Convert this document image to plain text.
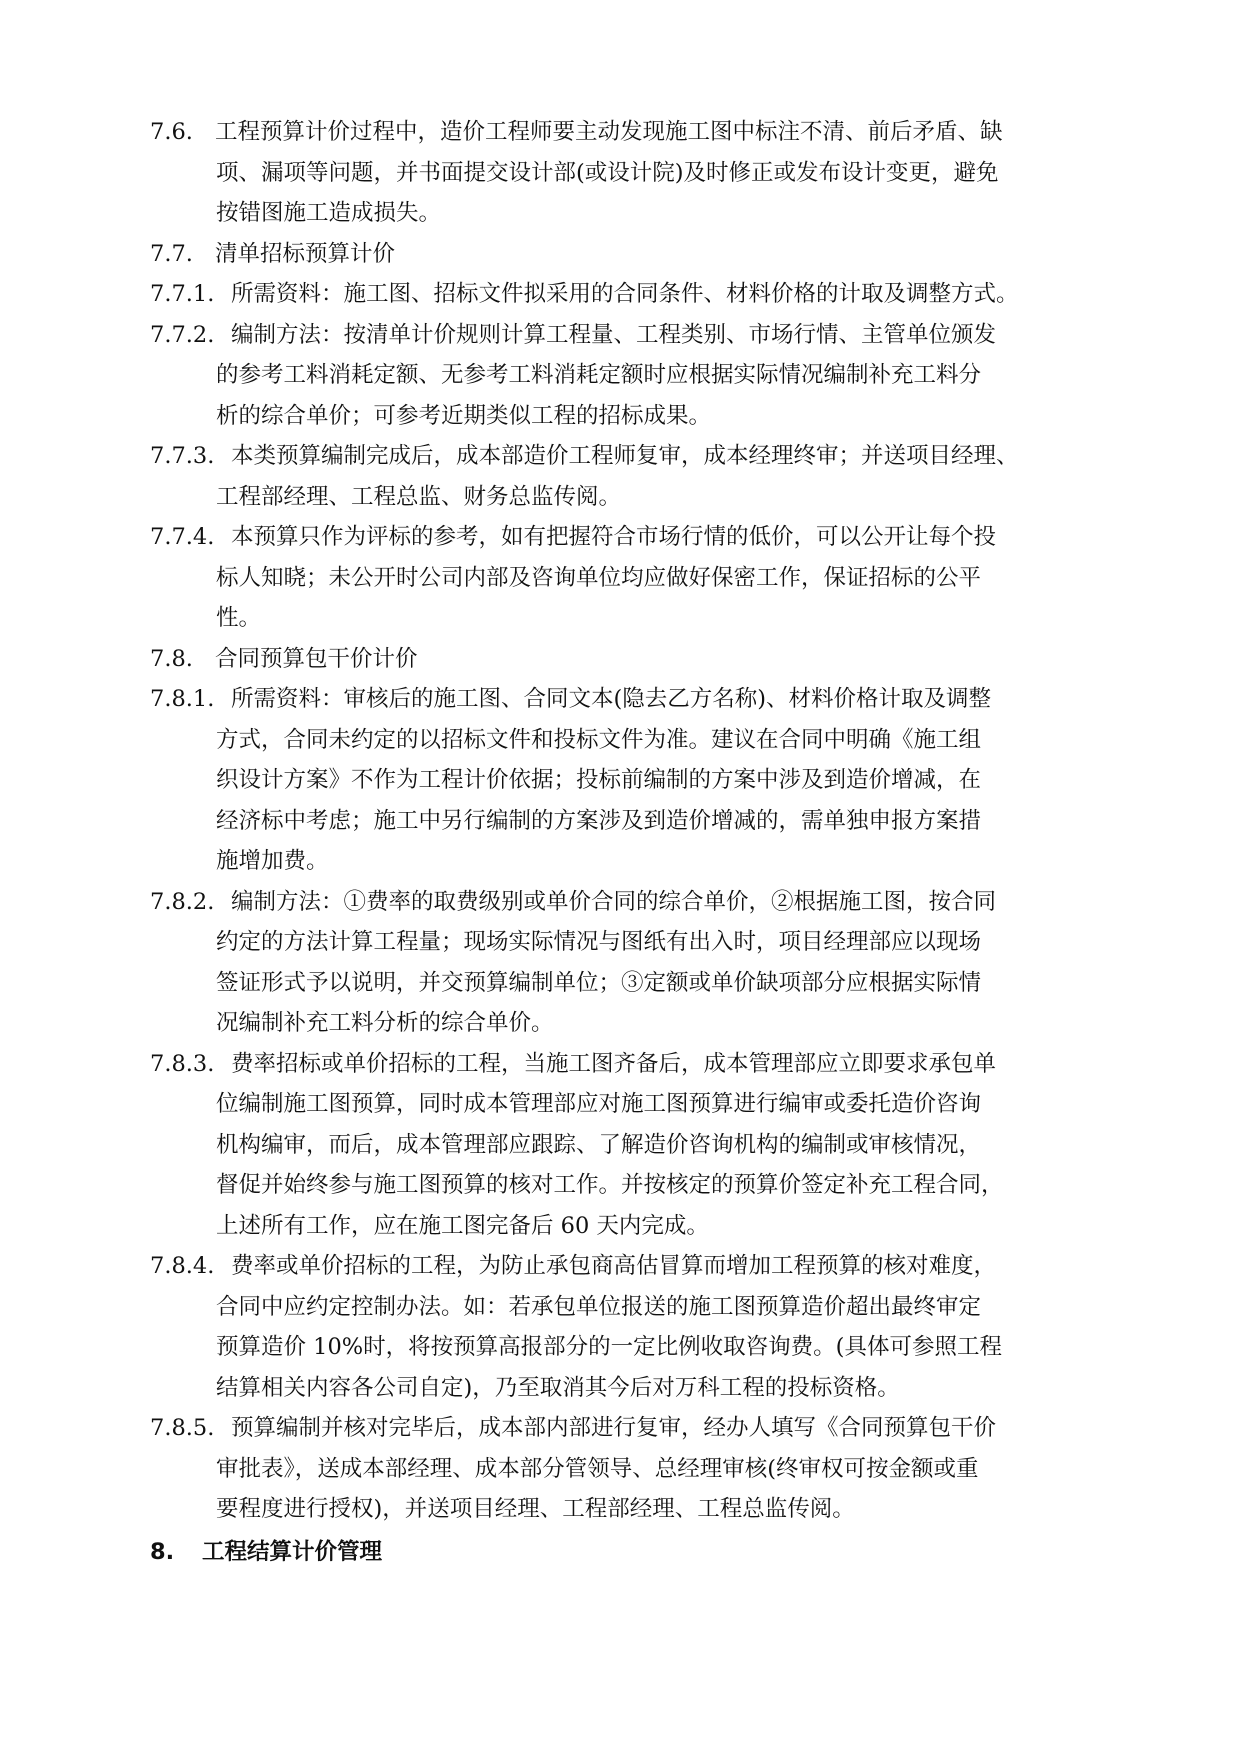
7.6. 工程预算计价过程中，造价工程师要主动发现施工图中标注不清、前后矛盾、缺
项、漏项等问题，并书面提交设计部(或设计院)及时修正或发布设计变更，避免
按错图施工造成损失。
7.7. 清单招标预算计价
7.7.1. 所需资料：施工图、招标文件拟采用的合同条件、材料价格的计取及调整方式。
7.7.2. 编制方法：按清单计价规则计算工程量、工程类别、市场行情、主管单位颁发
的参考工料消耗定额、无参考工料消耗定额时应根据实际情况编制补充工料分
析的综合单价；可参考近期类似工程的招标成果。
7.7.3. 本类预算编制完成后，成本部造价工程师复审，成本经理终审；并送项目经理、
工程部经理、工程总监、财务总监传阅。
7.7.4. 本预算只作为评标的参考，如有把握符合市场行情的低价，可以公开让每个投
标人知晓；未公开时公司内部及咨询单位均应做好保密工作，保证招标的公平
性。
7.8. 合同预算包干价计价
7.8.1. 所需资料：审核后的施工图、合同文本(隐去乙方名称)、材料价格计取及调整
方式，合同未约定的以招标文件和投标文件为准。建议在合同中明确《施工组
织设计方案》不作为工程计价依据；投标前编制的方案中涉及到造价增减，在
经济标中考虑；施工中另行编制的方案涉及到造价增减的，需单独申报方案措
施增加费。
7.8.2. 编制方法：①费率的取费级别或单价合同的综合单价，②根据施工图，按合同
约定的方法计算工程量；现场实际情况与图纸有出入时，项目经理部应以现场
签证形式予以说明，并交预算编制单位；③定额或单价缺项部分应根据实际情
况编制补充工料分析的综合单价。
7.8.3. 费率招标或单价招标的工程，当施工图齐备后，成本管理部应立即要求承包单
位编制施工图预算，同时成本管理部应对施工图预算进行编审或委托造价咨询
机构编审，而后，成本管理部应跟踪、了解造价咨询机构的编制或审核情况，
督促并始终参与施工图预算的核对工作。并按核定的预算价签定补充工程合同，
上述所有工作，应在施工图完备后 60 天内完成。
7.8.4. 费率或单价招标的工程，为防止承包商高估冒算而增加工程预算的核对难度，
合同中应约定控制办法。如：若承包单位报送的施工图预算造价超出最终审定
预算造价 10%时，将按预算高报部分的一定比例收取咨询费。(具体可参照工程
结算相关内容各公司自定)，乃至取消其今后对万科工程的投标资格。
7.8.5. 预算编制并核对完毕后，成本部内部进行复审，经办人填写《合同预算包干价
审批表》，送成本部经理、成本部分管领导、总经理审核(终审权可按金额或重
要程度进行授权)，并送项目经理、工程部经理、工程总监传阅。
8. 工程结算计价管理
